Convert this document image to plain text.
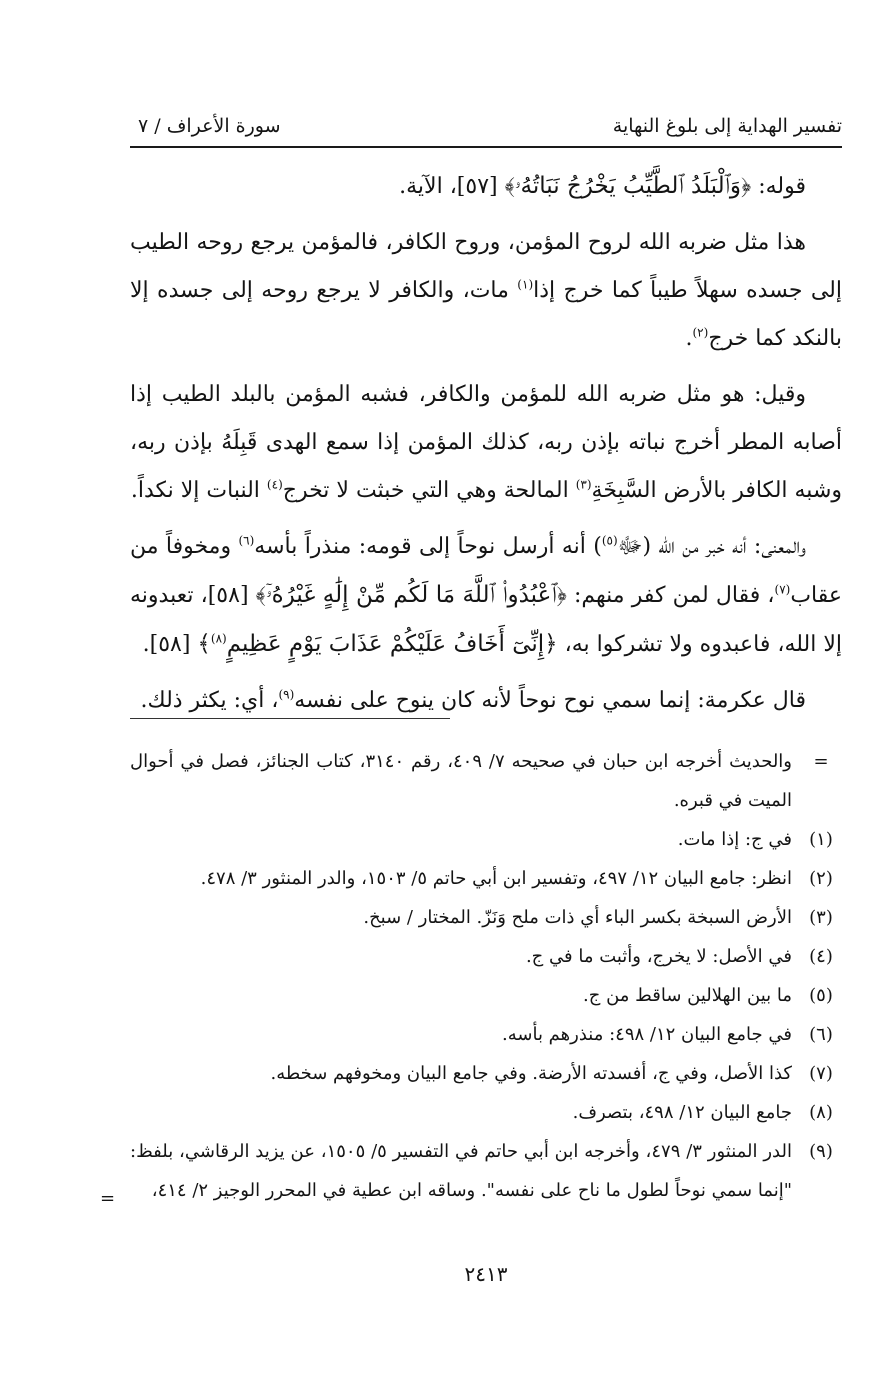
تفسير الهداية إلى بلوغ النهاية
سورة الأعراف / ٧

قوله: ﴿وَٱلْبَلَدُ ٱلطَّيِّبُ يَخْرُجُ نَبَاتُهُۥ﴾ [٥٧]، الآية.

هذا مثل ضربه الله لروح المؤمن، وروح الكافر، فالمؤمن يرجع روحه الطيب إلى جسده سهلاً طيباً كما خرج إذا$^{(١)}$ مات، والكافر لا يرجع روحه إلى جسده إلا بالنكد كما خرج$^{(٢)}$.

وقيل: هو مثل ضربه الله للمؤمن والكافر، فشبه المؤمن بالبلد الطيب إذا أصابه المطر أخرج نباته بإذن ربه، كذلك المؤمن إذا سمع الهدى قَبِلَهُ بإذن ربه، وشبه الكافر بالأرض السَّبِخَةِ$^{(٣)}$ المالحة وهي التي خبثت لا تخرج$^{(٤)}$ النبات إلا نكداً.

والمعنى: أنه خبر من الله (ﷻ$^{(٥)}$) أنه أرسل نوحاً إلى قومه: منذراً بأسه$^{(٦)}$ ومخوفاً من عقاب$^{(٧)}$، فقال لمن كفر منهم: ﴿ٱعْبُدُوا۟ ٱللَّهَ مَا لَكُم مِّنْ إِلَٰهٍ غَيْرُهُۥٓ﴾ [٥٨]، تعبدونه إلا الله، فاعبدوه ولا تشركوا به، ﴿إِنِّىٓ أَخَافُ عَلَيْكُمْ عَذَابَ يَوْمٍ عَظِيمٍ$^{(٨)}$﴾ [٥٨].

قال عكرمة: إنما سمي نوح نوحاً لأنه كان ينوح على نفسه$^{(٩)}$، أي: يكثر ذلك.

=
والحديث أخرجه ابن حبان في صحيحه ٧/ ٤٠٩، رقم ٣١٤٠، كتاب الجنائز، فصل في أحوال الميت في قبره.
(١)
في ج: إذا مات.
(٢)
انظر: جامع البيان ١٢/ ٤٩٧، وتفسير ابن أبي حاتم ٥/ ١٥٠٣، والدر المنثور ٣/ ٤٧٨.
(٣)
الأرض السبخة بكسر الباء أي ذات ملح وَنَزّ. المختار / سبخ.
(٤)
في الأصل: لا يخرج، وأثبت ما في ج.
(٥)
ما بين الهلالين ساقط من ج.
(٦)
في جامع البيان ١٢/ ٤٩٨: منذرهم بأسه.
(٧)
كذا الأصل، وفي ج، أفسدته الأرضة. وفي جامع البيان ومخوفهم سخطه.
(٨)
جامع البيان ١٢/ ٤٩٨، بتصرف.
(٩)
الدر المنثور ٣/ ٤٧٩، وأخرجه ابن أبي حاتم في التفسير ٥/ ١٥٠٥، عن يزيد الرقاشي، بلفظ: "إنما سمي نوحاً لطول ما ناح على نفسه". وساقه ابن عطية في المحرر الوجيز ٢/ ٤١٤،
=
٢٤١٣
